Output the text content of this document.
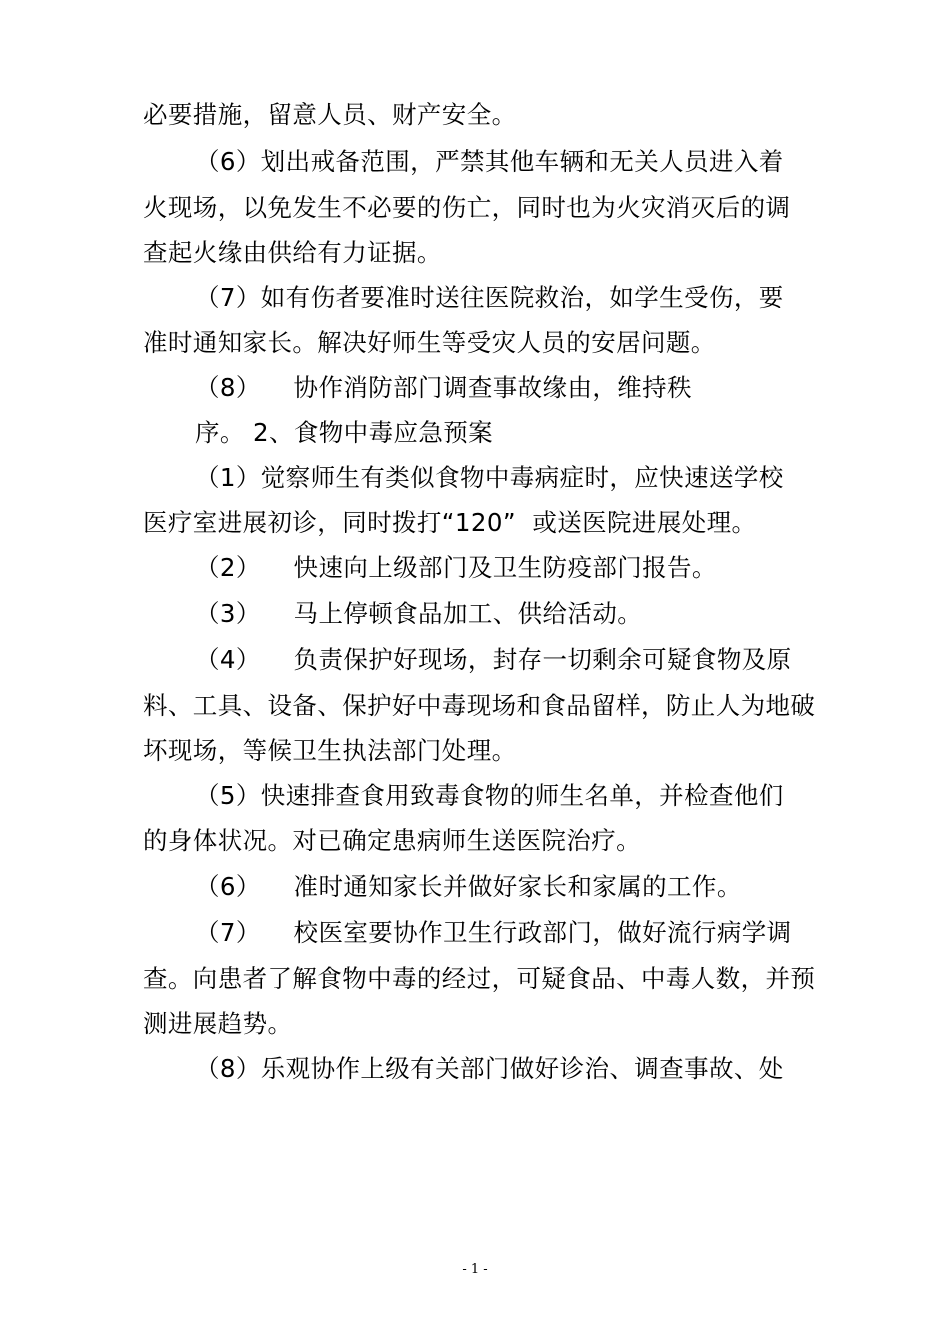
必要措施，留意人员、财产安全。
（6）划出戒备范围，严禁其他车辆和无关人员进入着
火现场，以免发生不必要的伤亡，同时也为火灾消灭后的调
查起火缘由供给有力证据。
（7）如有伤者要准时送往医院救治，如学生受伤，要
准时通知家长。解决好师生等受灾人员的安居问题。
（8）    协作消防部门调查事故缘由，维持秩
序。 2、食物中毒应急预案
（1）觉察师生有类似食物中毒病症时，应快速送学校
医疗室进展初诊，同时拨打“120”  或送医院进展处理。
（2）    快速向上级部门及卫生防疫部门报告。
（3）    马上停顿食品加工、供给活动。
（4）    负责保护好现场，封存一切剩余可疑食物及原
料、工具、设备、保护好中毒现场和食品留样，防止人为地破
坏现场，等候卫生执法部门处理。
（5）快速排查食用致毒食物的师生名单，并检查他们
的身体状况。对已确定患病师生送医院治疗。
（6）    准时通知家长并做好家长和家属的工作。
（7）    校医室要协作卫生行政部门，做好流行病学调
查。向患者了解食物中毒的经过，可疑食品、中毒人数，并预
测进展趋势。
（8）乐观协作上级有关部门做好诊治、调查事故、处
- 1 -
